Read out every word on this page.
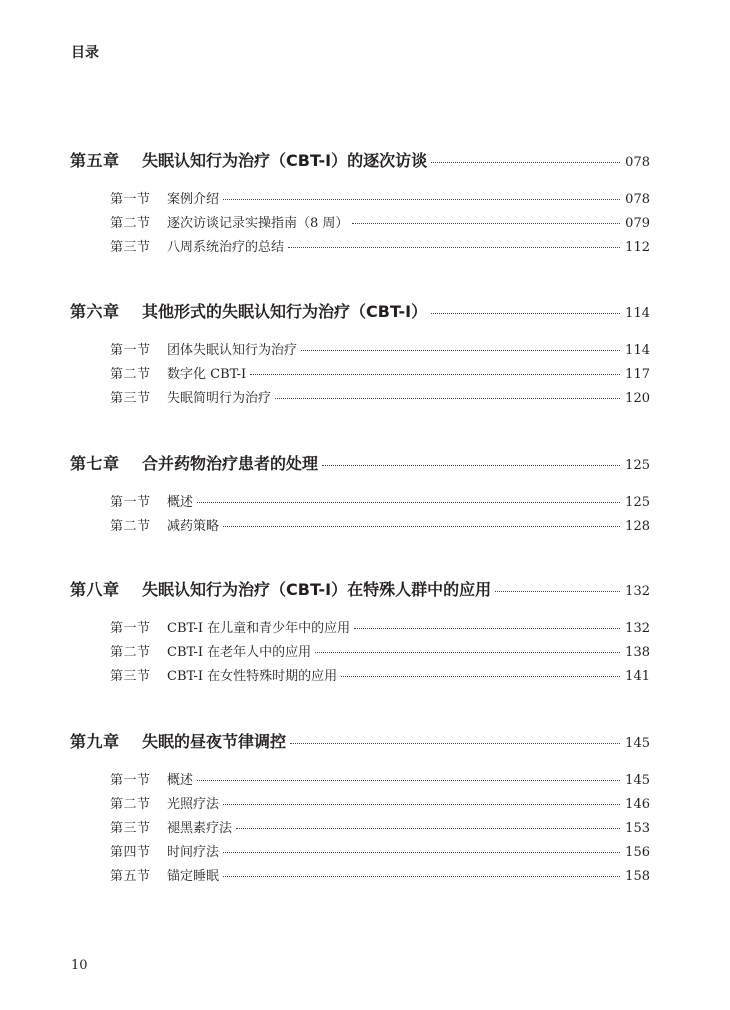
目录
第五章	失眠认知行为治疗（CBT-I）的逐次访谈	078
第一节	案例介绍	078
第二节	逐次访谈记录实操指南（8 周）	079
第三节	八周系统治疗的总结	112
第六章	其他形式的失眠认知行为治疗（CBT-I）	114
第一节	团体失眠认知行为治疗	114
第二节	数字化 CBT-I	117
第三节	失眠简明行为治疗	120
第七章	合并药物治疗患者的处理	125
第一节	概述	125
第二节	减药策略	128
第八章	失眠认知行为治疗（CBT-I）在特殊人群中的应用	132
第一节	CBT-I 在儿童和青少年中的应用	132
第二节	CBT-I 在老年人中的应用	138
第三节	CBT-I 在女性特殊时期的应用	141
第九章	失眠的昼夜节律调控	145
第一节	概述	145
第二节	光照疗法	146
第三节	褪黑素疗法	153
第四节	时间疗法	156
第五节	锚定睡眠	158
10
